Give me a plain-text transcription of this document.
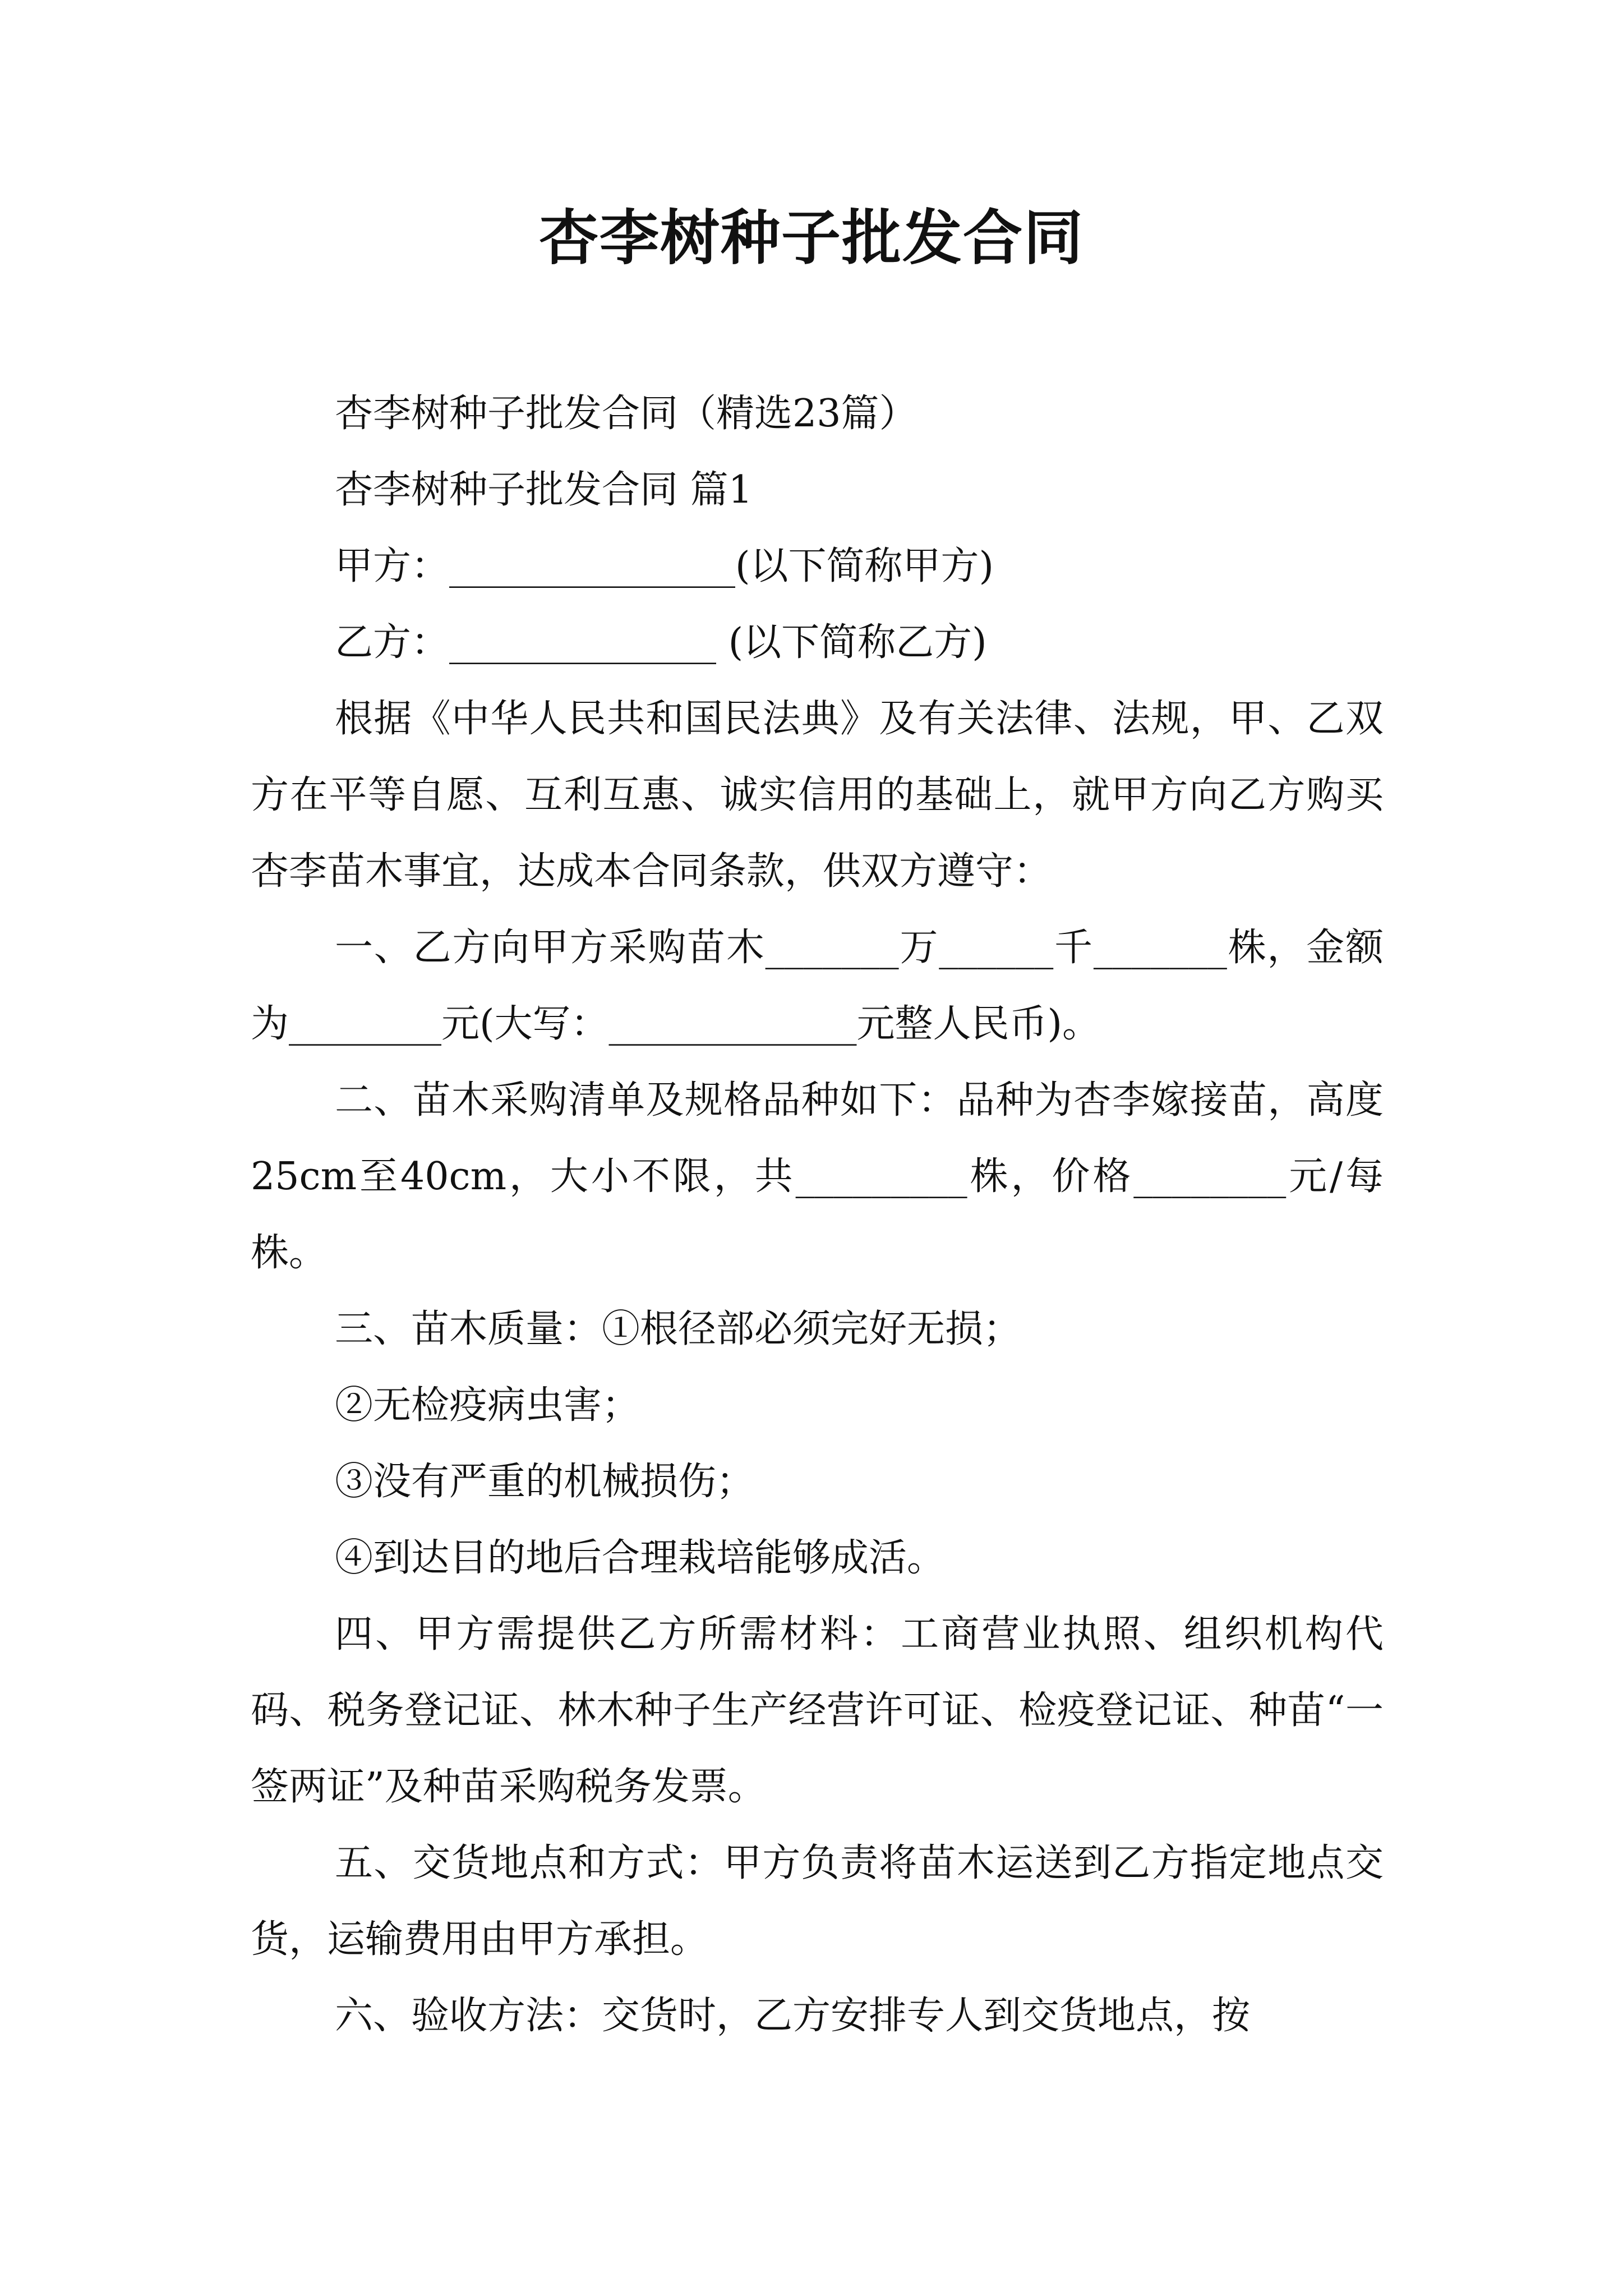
杏李树种子批发合同

杏李树种子批发合同（精选23篇）

杏李树种子批发合同 篇1

甲方：_______________(以下简称甲方)

乙方：______________ (以下简称乙方)

根据《中华人民共和国民法典》及有关法律、法规，甲、乙双方在平等自愿、互利互惠、诚实信用的基础上，就甲方向乙方购买杏李苗木事宜，达成本合同条款，供双方遵守：

一、乙方向甲方采购苗木_______万______千_______株，金额为________元(大写：_____________元整人民币)。

二、苗木采购清单及规格品种如下：品种为杏李嫁接苗，高度25cm至40cm，大小不限，共_________株，价格________元/每株。

三、苗木质量：①根径部必须完好无损；

②无检疫病虫害；

③没有严重的机械损伤；

④到达目的地后合理栽培能够成活。

四、甲方需提供乙方所需材料：工商营业执照、组织机构代码、税务登记证、林木种子生产经营许可证、检疫登记证、种苗“一签两证”及种苗采购税务发票。

五、交货地点和方式：甲方负责将苗木运送到乙方指定地点交货，运输费用由甲方承担。

六、验收方法：交货时，乙方安排专人到交货地点，按
